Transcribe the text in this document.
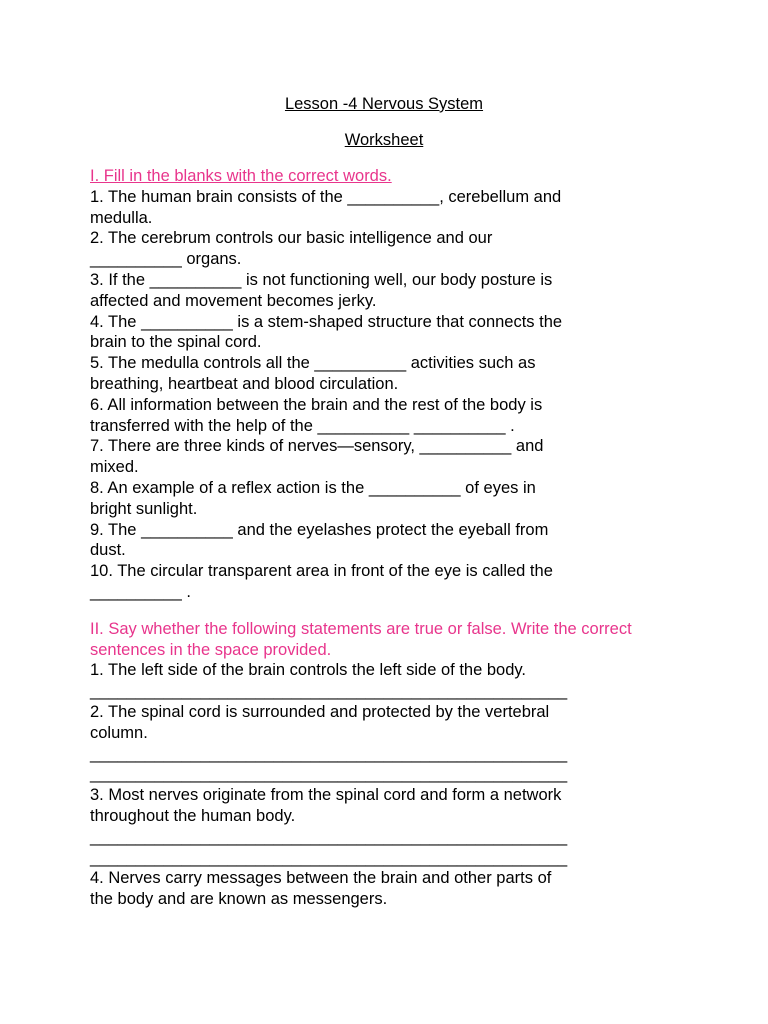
Lesson -4 Nervous System
Worksheet
I. Fill in the blanks with the correct words.
1. The human brain consists of the __________, cerebellum and
medulla.
2. The cerebrum controls our basic intelligence and our
__________ organs.
3. If the __________ is not functioning well, our body posture is
affected and movement becomes jerky.
4. The __________ is a stem-shaped structure that connects the
brain to the spinal cord.
5. The medulla controls all the __________ activities such as
breathing, heartbeat and blood circulation.
6. All information between the brain and the rest of the body is
transferred with the help of the __________ __________ .
7. There are three kinds of nerves—sensory, __________ and
mixed.
8. An example of a reflex action is the __________ of eyes in
bright sunlight.
9. The __________ and the eyelashes protect the eyeball from
dust.
10. The circular transparent area in front of the eye is called the
__________ .
II. Say whether the following statements are true or false. Write the correct
sentences in the space provided.
1. The left side of the brain controls the left side of the body.
____________________________________________________
2. The spinal cord is surrounded and protected by the vertebral
column.
____________________________________________________
____________________________________________________
3. Most nerves originate from the spinal cord and form a network
throughout the human body.
____________________________________________________
____________________________________________________
4. Nerves carry messages between the brain and other parts of
the body and are known as messengers.
